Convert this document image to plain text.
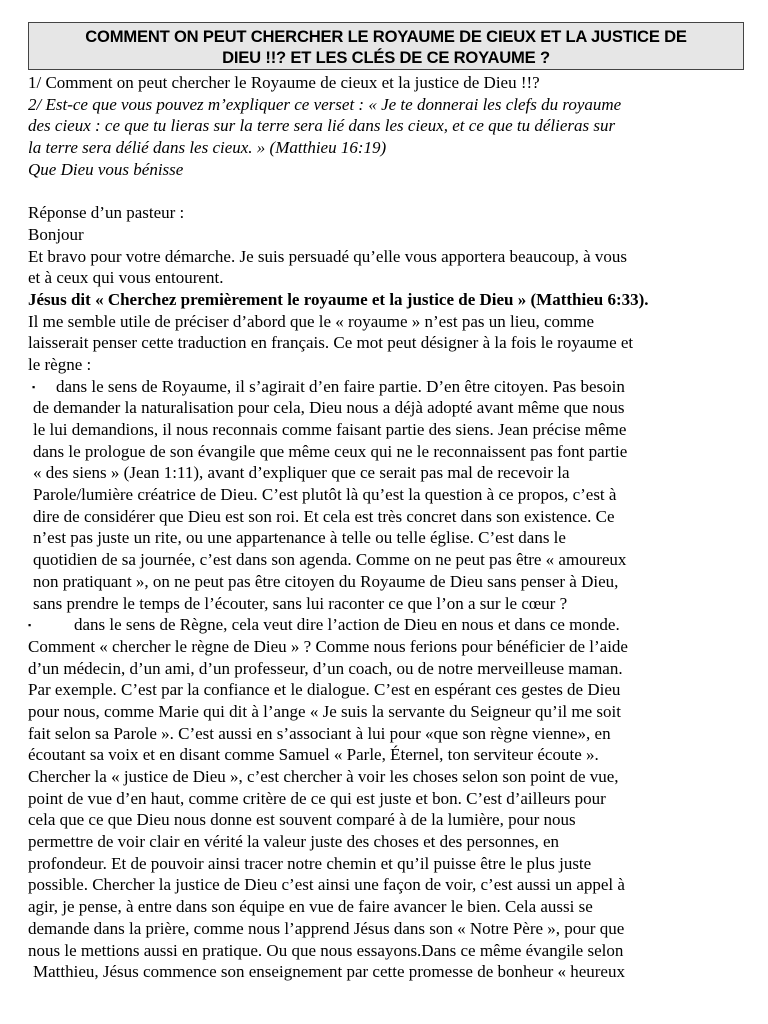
COMMENT ON PEUT CHERCHER LE ROYAUME DE CIEUX ET LA JUSTICE DE
DIEU !!? ET LES CLÉS DE CE ROYAUME ?
1/ Comment on peut chercher le Royaume de cieux et la justice de Dieu !!?
2/ Est-ce que vous pouvez m’expliquer ce verset : « Je te donnerai les clefs du royaume
des cieux : ce que tu lieras sur la terre sera lié dans les cieux, et ce que tu délieras sur
la terre sera délié dans les cieux. » (Matthieu 16:19)
Que Dieu vous bénisse
Réponse d’un pasteur :
Bonjour
Et bravo pour votre démarche. Je suis persuadé qu’elle vous apportera beaucoup, à vous
et à ceux qui vous entourent.
Jésus dit « Cherchez premièrement le royaume et la justice de Dieu » (Matthieu 6:33).
Il me semble utile de préciser d’abord que le « royaume » n’est pas un lieu, comme
laisserait penser cette traduction en français. Ce mot peut désigner à la fois le royaume et
le règne :
▪ dans le sens de Royaume, il s’agirait d’en faire partie. D’en être citoyen. Pas besoin
de demander la naturalisation pour cela, Dieu nous a déjà adopté avant même que nous
le lui demandions, il nous reconnais comme faisant partie des siens. Jean précise même
dans le prologue de son évangile que même ceux qui ne le reconnaissent pas font partie
« des siens » (Jean 1:11), avant d’expliquer que ce serait pas mal de recevoir la
Parole/lumière créatrice de Dieu. C’est plutôt là qu’est la question à ce propos, c’est à
dire de considérer que Dieu est son roi. Et cela est très concret dans son existence. Ce
n’est pas juste un rite, ou une appartenance à telle ou telle église. C’est dans le
quotidien de sa journée, c’est dans son agenda. Comme on ne peut pas être « amoureux
non pratiquant », on ne peut pas être citoyen du Royaume de Dieu sans penser à Dieu,
sans prendre le temps de l’écouter, sans lui raconter ce que l’on a sur le cœur ?
▪	dans le sens de Règne, cela veut dire l’action de Dieu en nous et dans ce monde.
Comment « chercher le règne de Dieu » ? Comme nous ferions pour bénéficier de l’aide
d’un médecin, d’un ami, d’un professeur, d’un coach, ou de notre merveilleuse maman.
Par exemple. C’est par la confiance et le dialogue. C’est en espérant ces gestes de Dieu
pour nous, comme Marie qui dit à l’ange « Je suis la servante du Seigneur qu’il me soit
fait selon sa Parole ». C’est aussi en s’associant à lui pour «que son règne vienne», en
écoutant sa voix et en disant comme Samuel « Parle, Éternel, ton serviteur écoute ».
Chercher la « justice de Dieu », c’est chercher à voir les choses selon son point de vue,
point de vue d’en haut, comme critère de ce qui est juste et bon. C’est d’ailleurs pour
cela que ce que Dieu nous donne est souvent comparé à de la lumière, pour nous
permettre de voir clair en vérité la valeur juste des choses et des personnes, en
profondeur. Et de pouvoir ainsi tracer notre chemin et qu’il puisse être le plus juste
possible. Chercher la justice de Dieu c’est ainsi une façon de voir, c’est aussi un appel à
agir, je pense, à entre dans son équipe en vue de faire avancer le bien. Cela aussi se
demande dans la prière, comme nous l’apprend Jésus dans son « Notre Père », pour que
nous le mettions aussi en pratique. Ou que nous essayons.Dans ce même évangile selon
Matthieu, Jésus commence son enseignement par cette promesse de bonheur « heureux
